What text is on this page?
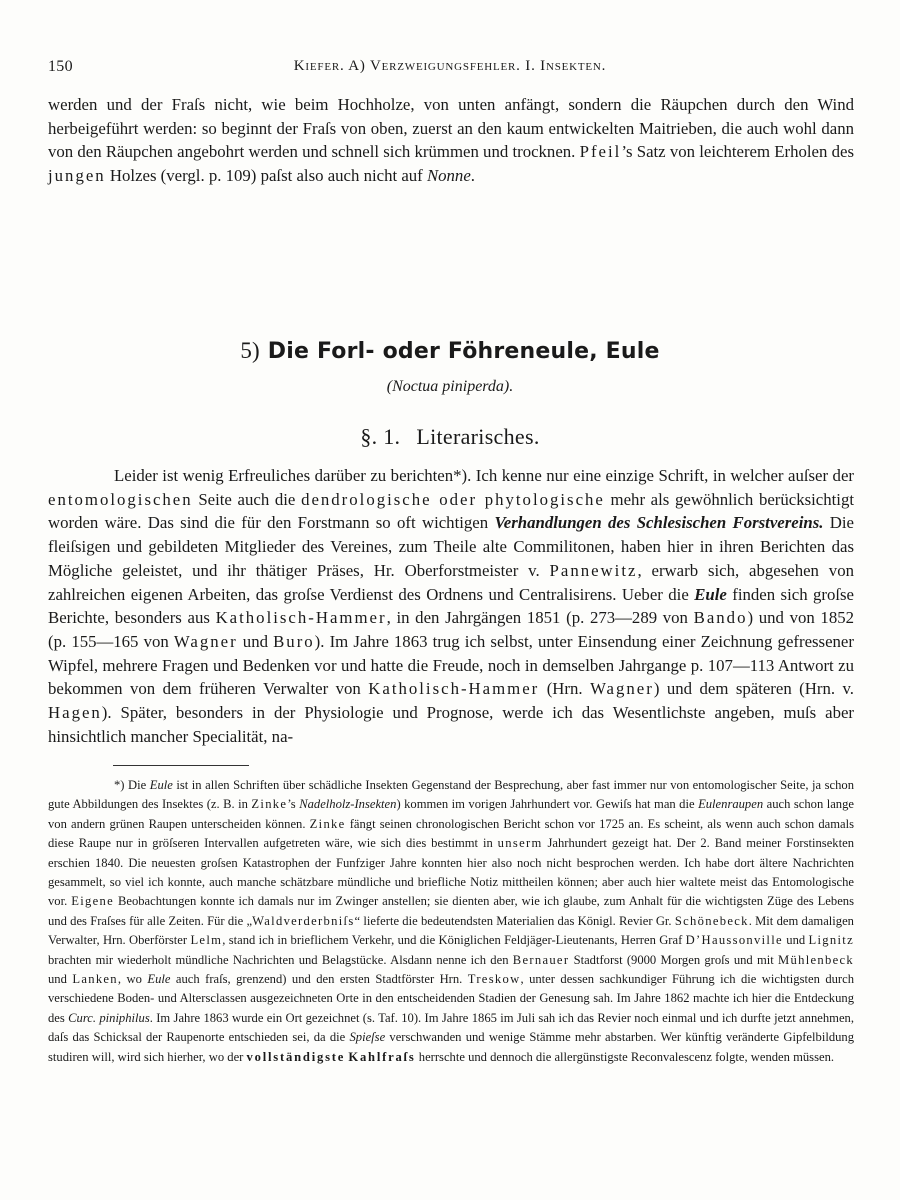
150	Kiefer. A) Verzweigungsfehler. I. Insekten.

werden und der Fraſs nicht, wie beim Hochholze, von unten anfängt, sondern die Räupchen durch den Wind herbeigeführt werden: so beginnt der Fraſs von oben, zuerst an den kaum entwickelten Maitrieben, die auch wohl dann von den Räupchen angebohrt werden und schnell sich krümmen und trocknen. Pfeil’s Satz von leichterem Erholen des jungen Holzes (vergl. p. 109) paſst also auch nicht auf Nonne.

5) Die Forl- oder Föhreneule, Eule
(Noctua piniperda).
§. 1. Literarisches.

Leider ist wenig Erfreuliches darüber zu berichten*). Ich kenne nur eine einzige Schrift, in welcher auſser der entomologischen Seite auch die dendrologische oder phytologische mehr als gewöhnlich berücksichtigt worden wäre. Das sind die für den Forstmann so oft wichtigen Verhandlungen des Schlesischen Forstvereins. Die fleiſsigen und gebildeten Mitglieder des Vereines, zum Theile alte Commilitonen, haben hier in ihren Berichten das Mögliche geleistet, und ihr thätiger Präses, Hr. Oberforstmeister v. Pannewitz, erwarb sich, abgesehen von zahlreichen eigenen Arbeiten, das groſse Verdienst des Ordnens und Centralisirens. Ueber die Eule finden sich groſse Berichte, besonders aus Katholisch-Hammer, in den Jahrgängen 1851 (p. 273—289 von Bando) und von 1852 (p. 155—165 von Wagner und Buro). Im Jahre 1863 trug ich selbst, unter Einsendung einer Zeichnung gefressener Wipfel, mehrere Fragen und Bedenken vor und hatte die Freude, noch in demselben Jahrgange p. 107—113 Antwort zu bekommen von dem früheren Verwalter von Katholisch-Hammer (Hrn. Wagner) und dem späteren (Hrn. v. Hagen). Später, besonders in der Physiologie und Prognose, werde ich das Wesentlichste angeben, muſs aber hinsichtlich mancher Specialität, na-

*) Die Eule ist in allen Schriften über schädliche Insekten Gegenstand der Besprechung, aber fast immer nur von entomologischer Seite, ja schon gute Abbildungen des Insektes (z. B. in Zinke’s Nadelholz-Insekten) kommen im vorigen Jahrhundert vor. Gewiſs hat man die Eulenraupen auch schon lange von andern grünen Raupen unterscheiden können. Zinke fängt seinen chronologischen Bericht schon vor 1725 an. Es scheint, als wenn auch schon damals diese Raupe nur in gröſseren Intervallen aufgetreten wäre, wie sich dies bestimmt in unserm Jahrhundert gezeigt hat. Der 2. Band meiner Forstinsekten erschien 1840. Die neuesten groſsen Katastrophen der Funfziger Jahre konnten hier also noch nicht besprochen werden. Ich habe dort ältere Nachrichten gesammelt, so viel ich konnte, auch manche schätzbare mündliche und briefliche Notiz mittheilen können; aber auch hier waltete meist das Entomologische vor. Eigene Beobachtungen konnte ich damals nur im Zwinger anstellen; sie dienten aber, wie ich glaube, zum Anhalt für die wichtigsten Züge des Lebens und des Fraſses für alle Zeiten. Für die „Waldverderbniſs“ lieferte die bedeutendsten Materialien das Königl. Revier Gr. Schönebeck. Mit dem damaligen Verwalter, Hrn. Oberförster Lelm, stand ich in brieflichem Verkehr, und die Königlichen Feldjäger-Lieutenants, Herren Graf D’Haussonville und Lignitz brachten mir wiederholt mündliche Nachrichten und Belagstücke. Alsdann nenne ich den Bernauer Stadtforst (9000 Morgen groſs und mit Mühlenbeck und Lanken, wo Eule auch fraſs, grenzend) und den ersten Stadtförster Hrn. Treskow, unter dessen sachkundiger Führung ich die wichtigsten durch verschiedene Boden- und Altersclassen ausgezeichneten Orte in den entscheidenden Stadien der Genesung sah. Im Jahre 1862 machte ich hier die Entdeckung des Curc. piniphilus. Im Jahre 1863 wurde ein Ort gezeichnet (s. Taf. 10). Im Jahre 1865 im Juli sah ich das Revier noch einmal und ich durfte jetzt annehmen, daſs das Schicksal der Raupenorte entschieden sei, da die Spieſse verschwanden und wenige Stämme mehr abstarben. Wer künftig veränderte Gipfelbildung studiren will, wird sich hierher, wo der vollständigste Kahlfraſs herrschte und dennoch die allergünstigste Reconvalescenz folgte, wenden müssen.
